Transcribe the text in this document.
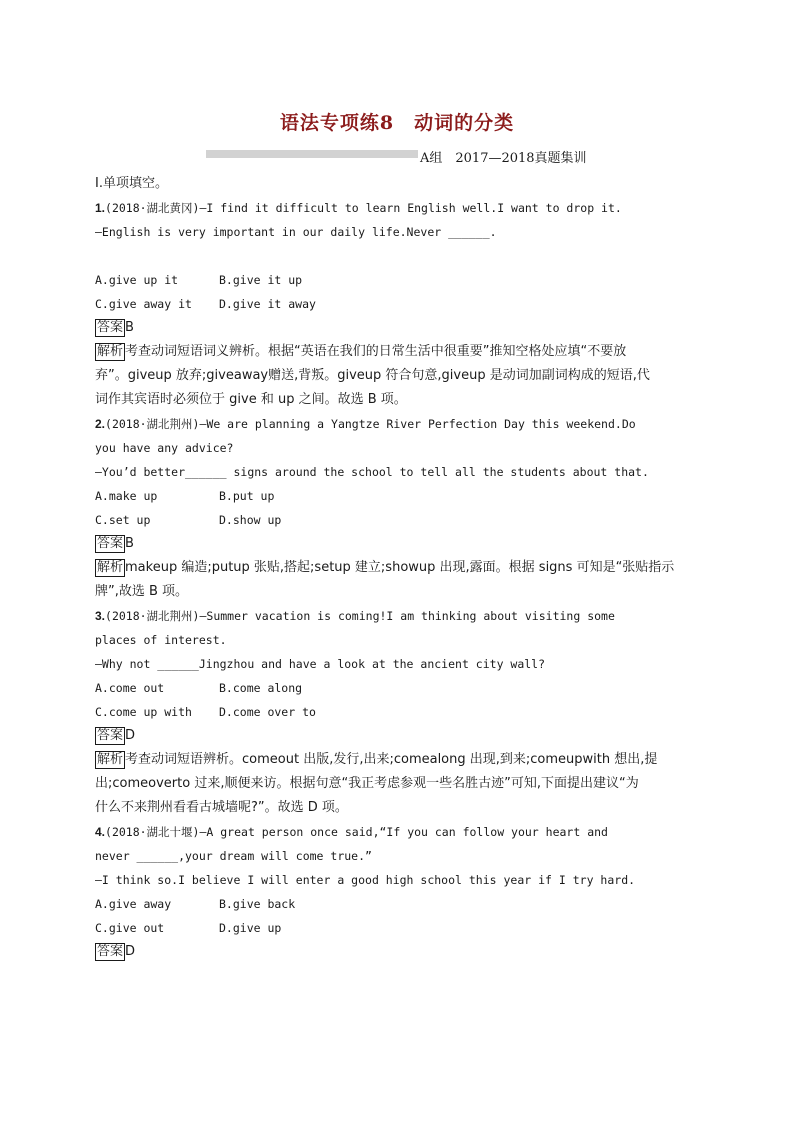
语法专项练8　动词的分类
A组　2017—2018真题集训
Ⅰ.单项填空。
1.(2018·湖北黄冈)—I find it difficult to learn English well.I want to drop it.
—English is very important in our daily life.Never ______.
A.give up it	B.give it up
C.give away it D.give it away
答案 B
解析 考查动词短语词义辨析。根据“英语在我们的日常生活中很重要”推知空格处应填“不要放
弃”。giveup 放弃;giveaway赠送,背叛。giveup 符合句意,giveup 是动词加副词构成的短语,代
词作其宾语时必须位于 give 和 up 之间。故选 B 项。
2.(2018·湖北荆州)—We are planning a Yangtze River Perfection Day this weekend.Do
you have any advice?
—You’d better______ signs around the school to tell all the students about that.
A.make up	B.put up
C.set up	D.show up
答案 B
解析 makeup 编造;putup 张贴,搭起;setup 建立;showup 出现,露面。根据 signs 可知是“张贴指示
牌”,故选 B 项。
3.(2018·湖北荆州)—Summer vacation is coming!I am thinking about visiting some
places of interest.
—Why not ______Jingzhou and have a look at the ancient city wall?
A.come out	B.come along
C.come up with D.come over to
答案 D
解析 考查动词短语辨析。comeout 出版,发行,出来;comealong 出现,到来;comeupwith 想出,提
出;comeoverto 过来,顺便来访。根据句意“我正考虑参观一些名胜古迹”可知,下面提出建议“为
什么不来荆州看看古城墙呢?”。故选 D 项。
4.(2018·湖北十堰)—A great person once said,“If you can follow your heart and
never ______,your dream will come true.”
—I think so.I believe I will enter a good high school this year if I try hard.
A.give away	B.give back
C.give out	D.give up
答案 D
